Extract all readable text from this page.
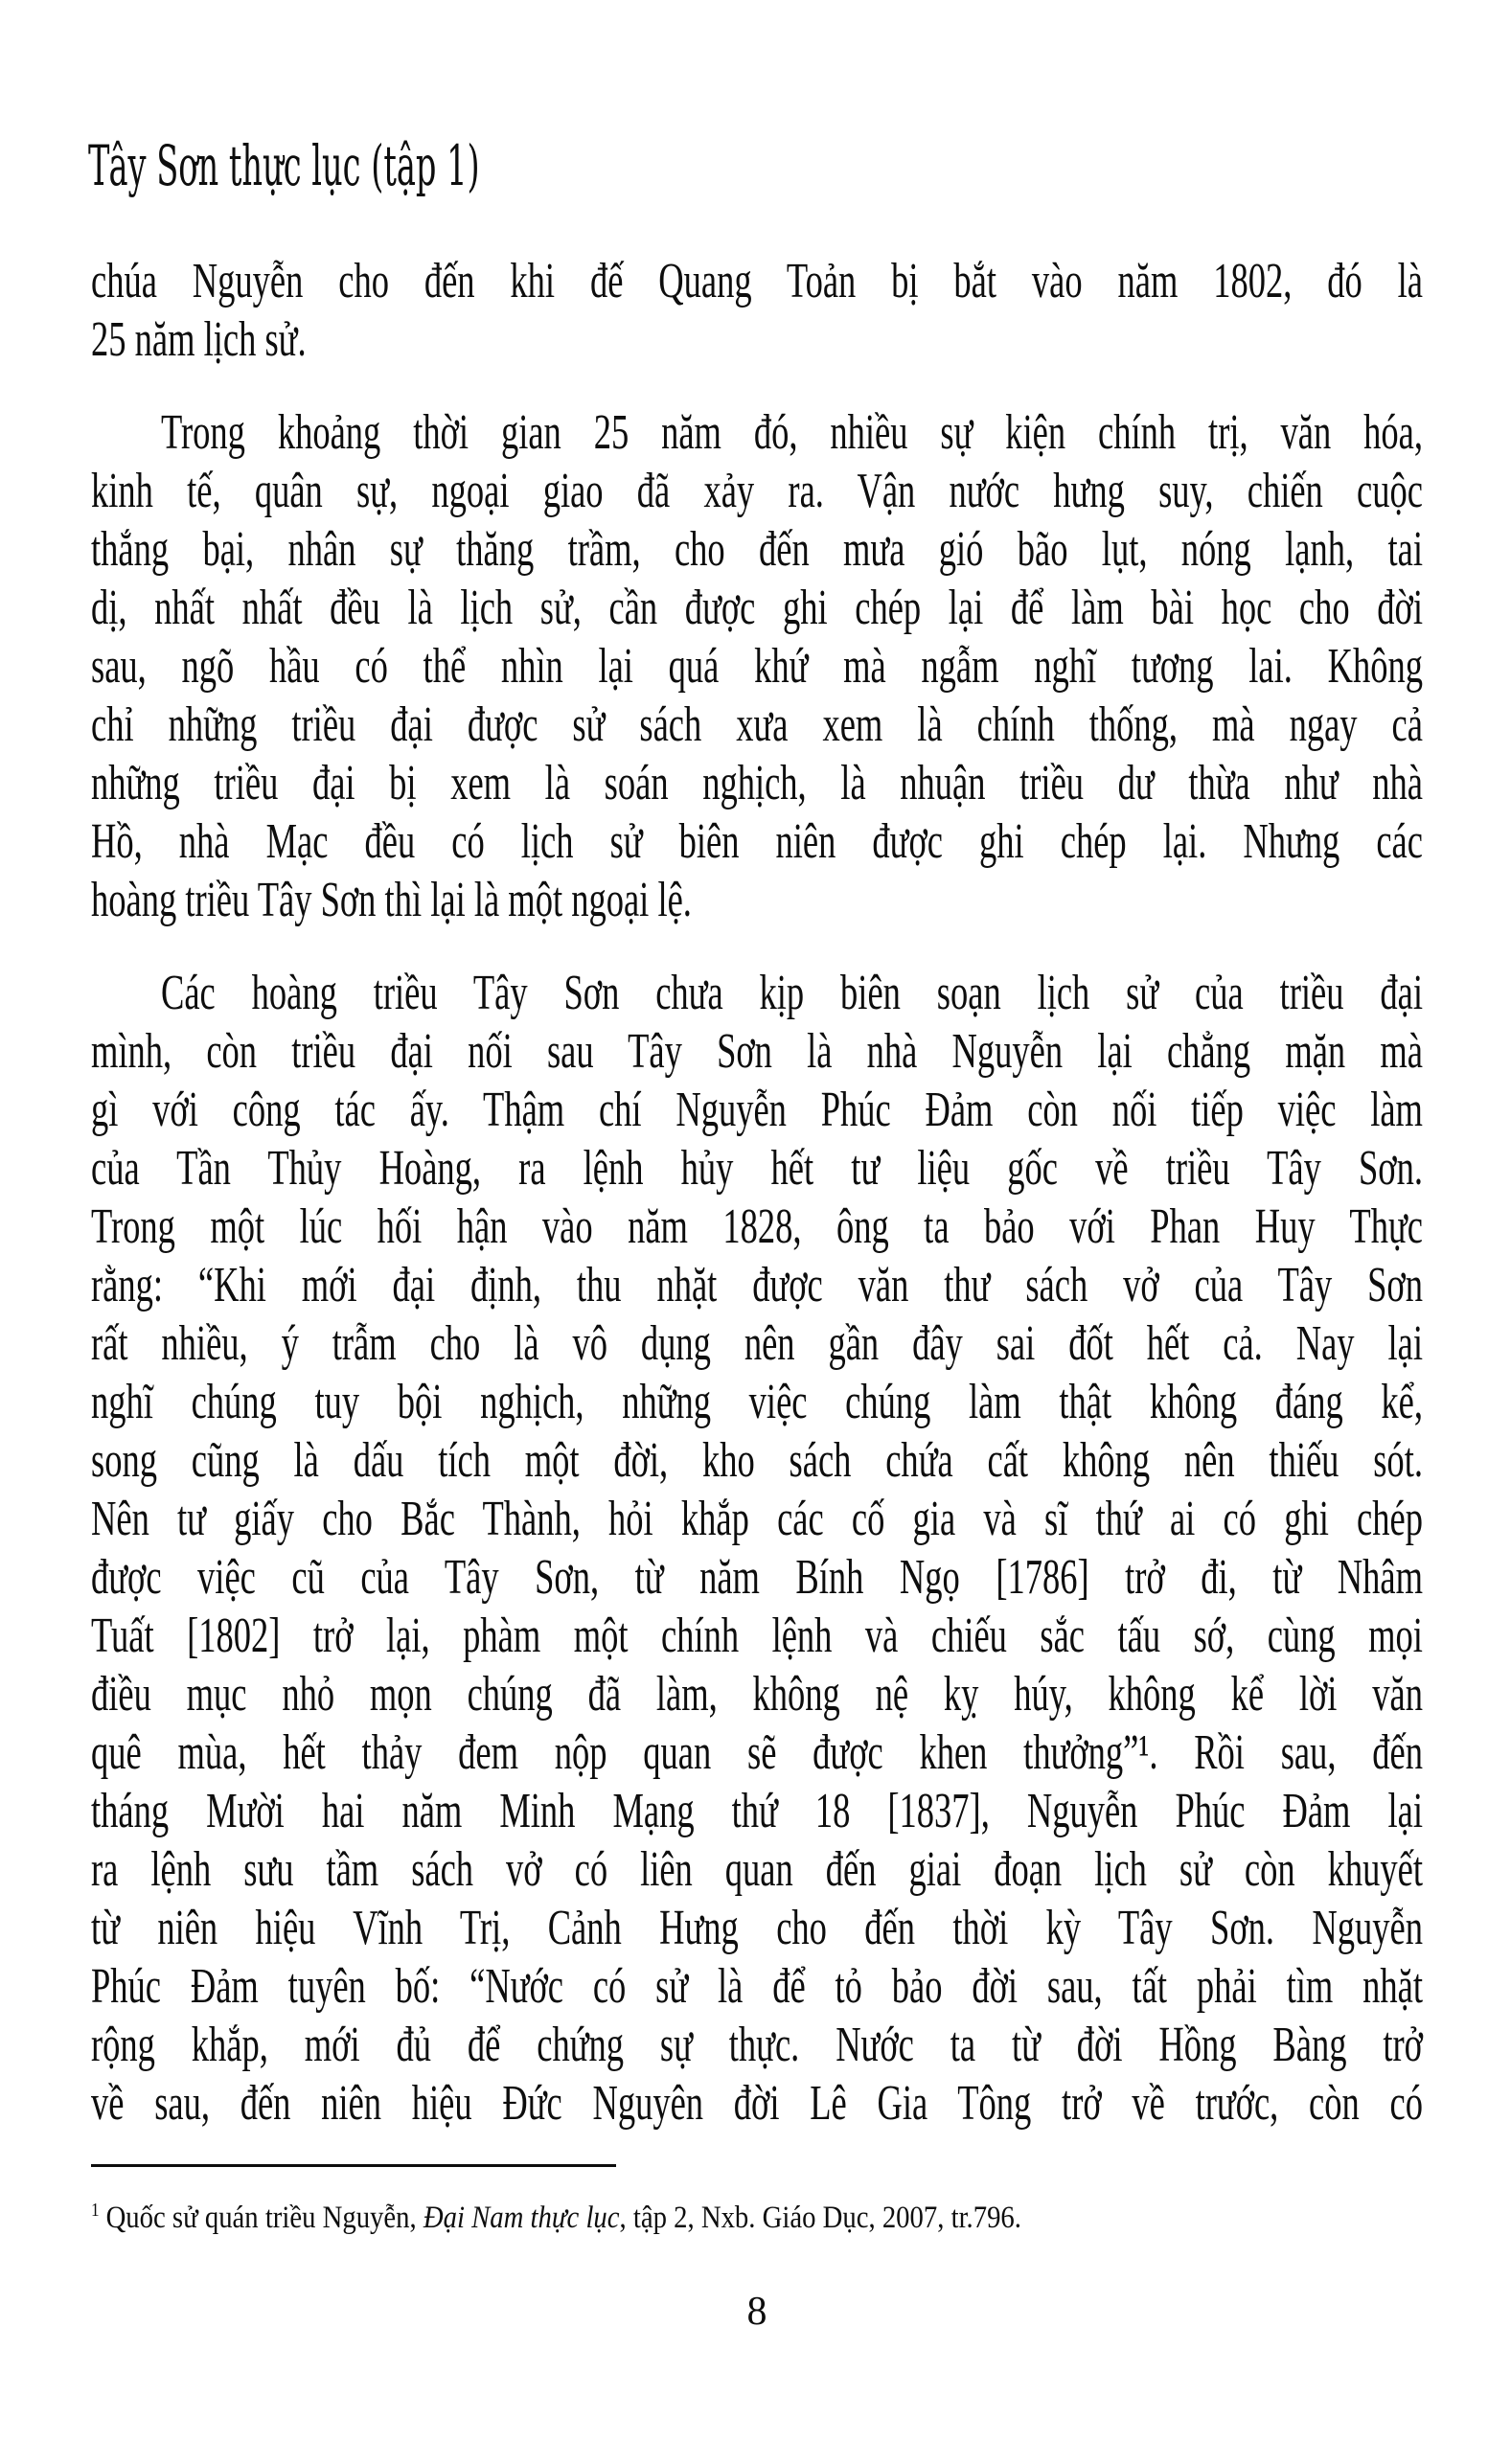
Tây Sơn thực lục (tập 1)
chúa Nguyễn cho đến khi đế Quang Toản bị bắt vào năm 1802, đó là
25 năm lịch sử.
Trong khoảng thời gian 25 năm đó, nhiều sự kiện chính trị, văn hóa,
kinh tế, quân sự, ngoại giao đã xảy ra. Vận nước hưng suy, chiến cuộc
thắng bại, nhân sự thăng trầm, cho đến mưa gió bão lụt, nóng lạnh, tai
dị, nhất nhất đều là lịch sử, cần được ghi chép lại để làm bài học cho đời
sau, ngõ hầu có thể nhìn lại quá khứ mà ngẫm nghĩ tương lai. Không
chỉ những triều đại được sử sách xưa xem là chính thống, mà ngay cả
những triều đại bị xem là soán nghịch, là nhuận triều dư thừa như nhà
Hồ, nhà Mạc đều có lịch sử biên niên được ghi chép lại. Nhưng các
hoàng triều Tây Sơn thì lại là một ngoại lệ.
Các hoàng triều Tây Sơn chưa kịp biên soạn lịch sử của triều đại
mình, còn triều đại nối sau Tây Sơn là nhà Nguyễn lại chẳng mặn mà
gì với công tác ấy. Thậm chí Nguyễn Phúc Đảm còn nối tiếp việc làm
của Tần Thủy Hoàng, ra lệnh hủy hết tư liệu gốc về triều Tây Sơn.
Trong một lúc hối hận vào năm 1828, ông ta bảo với Phan Huy Thực
rằng: “Khi mới đại định, thu nhặt được văn thư sách vở của Tây Sơn
rất nhiều, ý trẫm cho là vô dụng nên gần đây sai đốt hết cả. Nay lại
nghĩ chúng tuy bội nghịch, những việc chúng làm thật không đáng kể,
song cũng là dấu tích một đời, kho sách chứa cất không nên thiếu sót.
Nên tư giấy cho Bắc Thành, hỏi khắp các cố gia và sĩ thứ ai có ghi chép
được việc cũ của Tây Sơn, từ năm Bính Ngọ [1786] trở đi, từ Nhâm
Tuất [1802] trở lại, phàm một chính lệnh và chiếu sắc tấu sớ, cùng mọi
điều mục nhỏ mọn chúng đã làm, không nệ kỵ húy, không kể lời văn
quê mùa, hết thảy đem nộp quan sẽ được khen thưởng”¹. Rồi sau, đến
tháng Mười hai năm Minh Mạng thứ 18 [1837], Nguyễn Phúc Đảm lại
ra lệnh sưu tầm sách vở có liên quan đến giai đoạn lịch sử còn khuyết
từ niên hiệu Vĩnh Trị, Cảnh Hưng cho đến thời kỳ Tây Sơn. Nguyễn
Phúc Đảm tuyên bố: “Nước có sử là để tỏ bảo đời sau, tất phải tìm nhặt
rộng khắp, mới đủ để chứng sự thực. Nước ta từ đời Hồng Bàng trở
về sau, đến niên hiệu Đức Nguyên đời Lê Gia Tông trở về trước, còn có
$^1$ Quốc sử quán triều Nguyễn, Đại Nam thực lục, tập 2, Nxb. Giáo Dục, 2007, tr.796.
8
